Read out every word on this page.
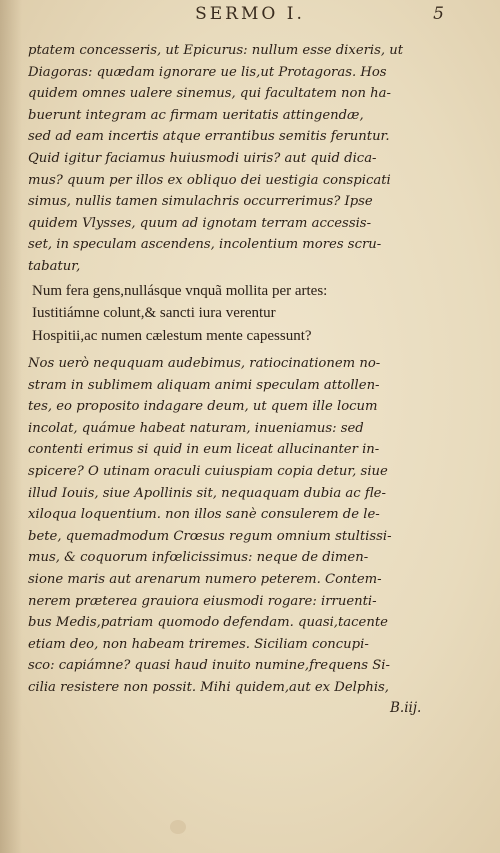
SERMO I.	5
ptatem concesseris, ut Epicurus: nullum esse dixeris, ut
Diagoras: quædam ignorare ue lis,ut Protagoras. Hos
quidem omnes ualere sinemus, qui facultatem non ha-
buerunt integram ac firmam ueritatis attingendæ,
sed ad eam incertis atque errantibus semitis feruntur.
Quid igitur faciamus huiusmodi uiris? aut quid dica-
mus? quum per illos ex obliquo dei uestigia conspicati
simus, nullis tamen simulachris occurrerimus? Ipse
quidem Vlysses, quum ad ignotam terram accessis-
set, in speculam ascendens, incolentium mores scru-
tabatur,
Num fera gens,nullásque vnquã mollita per artes:
Iustitiámne colunt,& sancti iura verentur
Hospitii,ac numen cælestum mente capessunt?
Nos uerò neququam audebimus, ratiocinationem no-
stram in sublimem aliquam animi speculam attollen-
tes, eo proposito indagare deum, ut quem ille locum
incolat, quámue habeat naturam, inueniamus: sed
contenti erimus si quid in eum liceat allucinanter in-
spicere? O utinam oraculi cuiuspiam copia detur, siue
illud Iouis, siue Apollinis sit, nequaquam dubia ac fle-
xiloqua loquentium. non illos sanè consulerem de le-
bete, quemadmodum Crœsus regum omnium stultissi-
mus, & coquorum infœlicissimus: neque de dimen-
sione maris aut arenarum numero peterem. Contem-
nerem præterea grauiora eiusmodi rogare: irruenti-
bus Medis,patriam quomodo defendam. quasi,tacente
etiam deo, non habeam triremes. Siciliam concupi-
sco: capiámne? quasi haud inuito numine,frequens Si-
cilia resistere non possit. Mihi quidem,aut ex Delphis,
B.iij.
